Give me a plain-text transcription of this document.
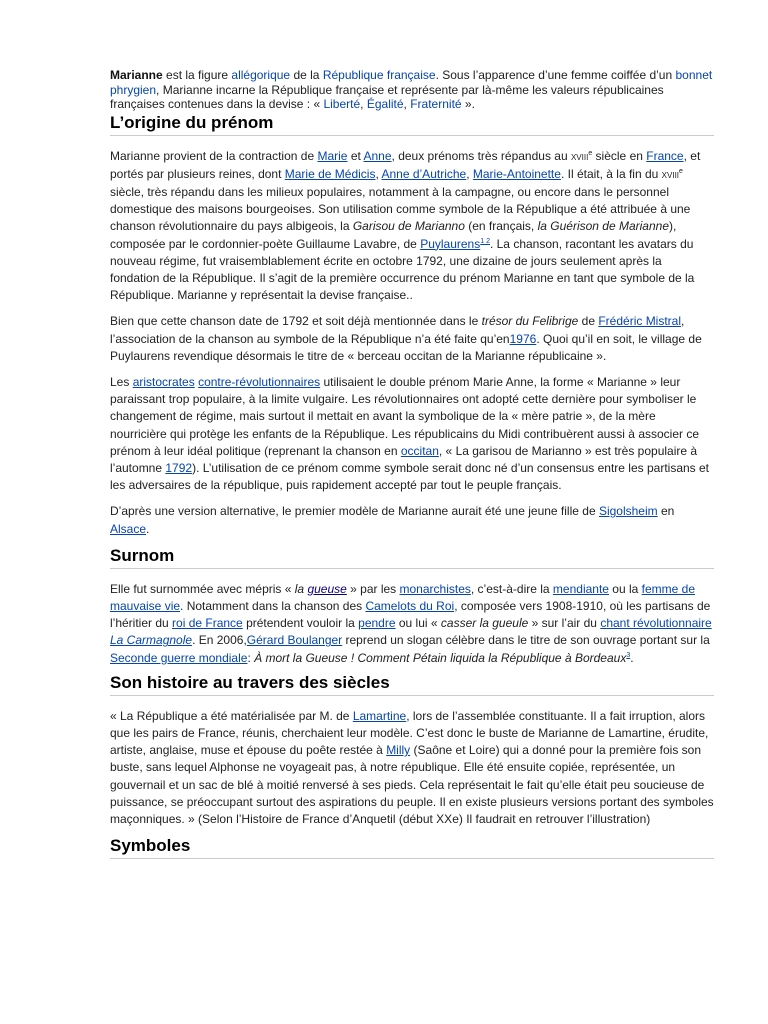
Marianne est la figure allégorique de la République française. Sous l’apparence d’une femme coiffée d’un bonnet phrygien, Marianne incarne la République française et représente par là-même les valeurs républicaines françaises contenues dans la devise : « Liberté, Égalité, Fraternité ».

L’origine du prénom

Marianne provient de la contraction de Marie et Anne, deux prénoms très répandus au xviii$^e$ siècle en France, et portés par plusieurs reines, dont Marie de Médicis, Anne d’Autriche, Marie-Antoinette. Il était, à la fin du xviii$^e$ siècle, très répandu dans les milieux populaires, notamment à la campagne, ou encore dans le personnel domestique des maisons bourgeoises. Son utilisation comme symbole de la République a été attribuée à une chanson révolutionnaire du pays albigeois, la Garisou de Marianno (en français, la Guérison de Marianne), composée par le cordonnier-poète Guillaume Lavabre, de Puylaurens$^{1 2}$. La chanson, racontant les avatars du nouveau régime, fut vraisemblablement écrite en octobre 1792, une dizaine de jours seulement après la fondation de la République. Il s’agit de la première occurrence du prénom Marianne en tant que symbole de la République. Marianne y représentait la devise française..

Bien que cette chanson date de 1792 et soit déjà mentionnée dans le trésor du Felibrige de Frédéric Mistral, l’association de la chanson au symbole de la République n’a été faite qu’en1976. Quoi qu’il en soit, le village de Puylaurens revendique désormais le titre de « berceau occitan de la Marianne républicaine ».

Les aristocrates contre-révolutionnaires utilisaient le double prénom Marie Anne, la forme « Marianne » leur paraissant trop populaire, à la limite vulgaire. Les révolutionnaires ont adopté cette dernière pour symboliser le changement de régime, mais surtout il mettait en avant la symbolique de la « mère patrie », de la mère nourricière qui protège les enfants de la République. Les républicains du Midi contribuèrent aussi à associer ce prénom à leur idéal politique (reprenant la chanson en occitan, « La garisou de Marianno » est très populaire à l’automne 1792). L’utilisation de ce prénom comme symbole serait donc né d’un consensus entre les partisans et les adversaires de la république, puis rapidement accepté par tout le peuple français.

D’après une version alternative, le premier modèle de Marianne aurait été une jeune fille de Sigolsheim en Alsace.

Surnom

Elle fut surnommée avec mépris « la gueuse » par les monarchistes, c’est-à-dire la mendiante ou la femme de mauvaise vie. Notamment dans la chanson des Camelots du Roi, composée vers 1908-1910, où les partisans de l’héritier du roi de France prétendent vouloir la pendre ou lui « casser la gueule » sur l’air du chant révolutionnaire La Carmagnole. En 2006,Gérard Boulanger reprend un slogan célèbre dans le titre de son ouvrage portant sur la Seconde guerre mondiale: À mort la Gueuse ! Comment Pétain liquida la République à Bordeaux$^3$.

Son histoire au travers des siècles

« La République a été matérialisée par M. de Lamartine, lors de l’assemblée constituante. Il a fait irruption, alors que les pairs de France, réunis, cherchaient leur modèle. C’est donc le buste de Marianne de Lamartine, érudite, artiste, anglaise, muse et épouse du poête restée à Milly (Saône et Loire) qui a donné pour la première fois son buste, sans lequel Alphonse ne voyageait pas, à notre république. Elle été ensuite copiée, représentée, un gouvernail et un sac de blé à moitié renversé à ses pieds. Cela représentait le fait qu’elle était peu soucieuse de puissance, se préoccupant surtout des aspirations du peuple. Il en existe plusieurs versions portant des symboles maçonniques. » (Selon l’Histoire de France d’Anquetil (début XXe) Il faudrait en retrouver l’illustration)

Symboles
